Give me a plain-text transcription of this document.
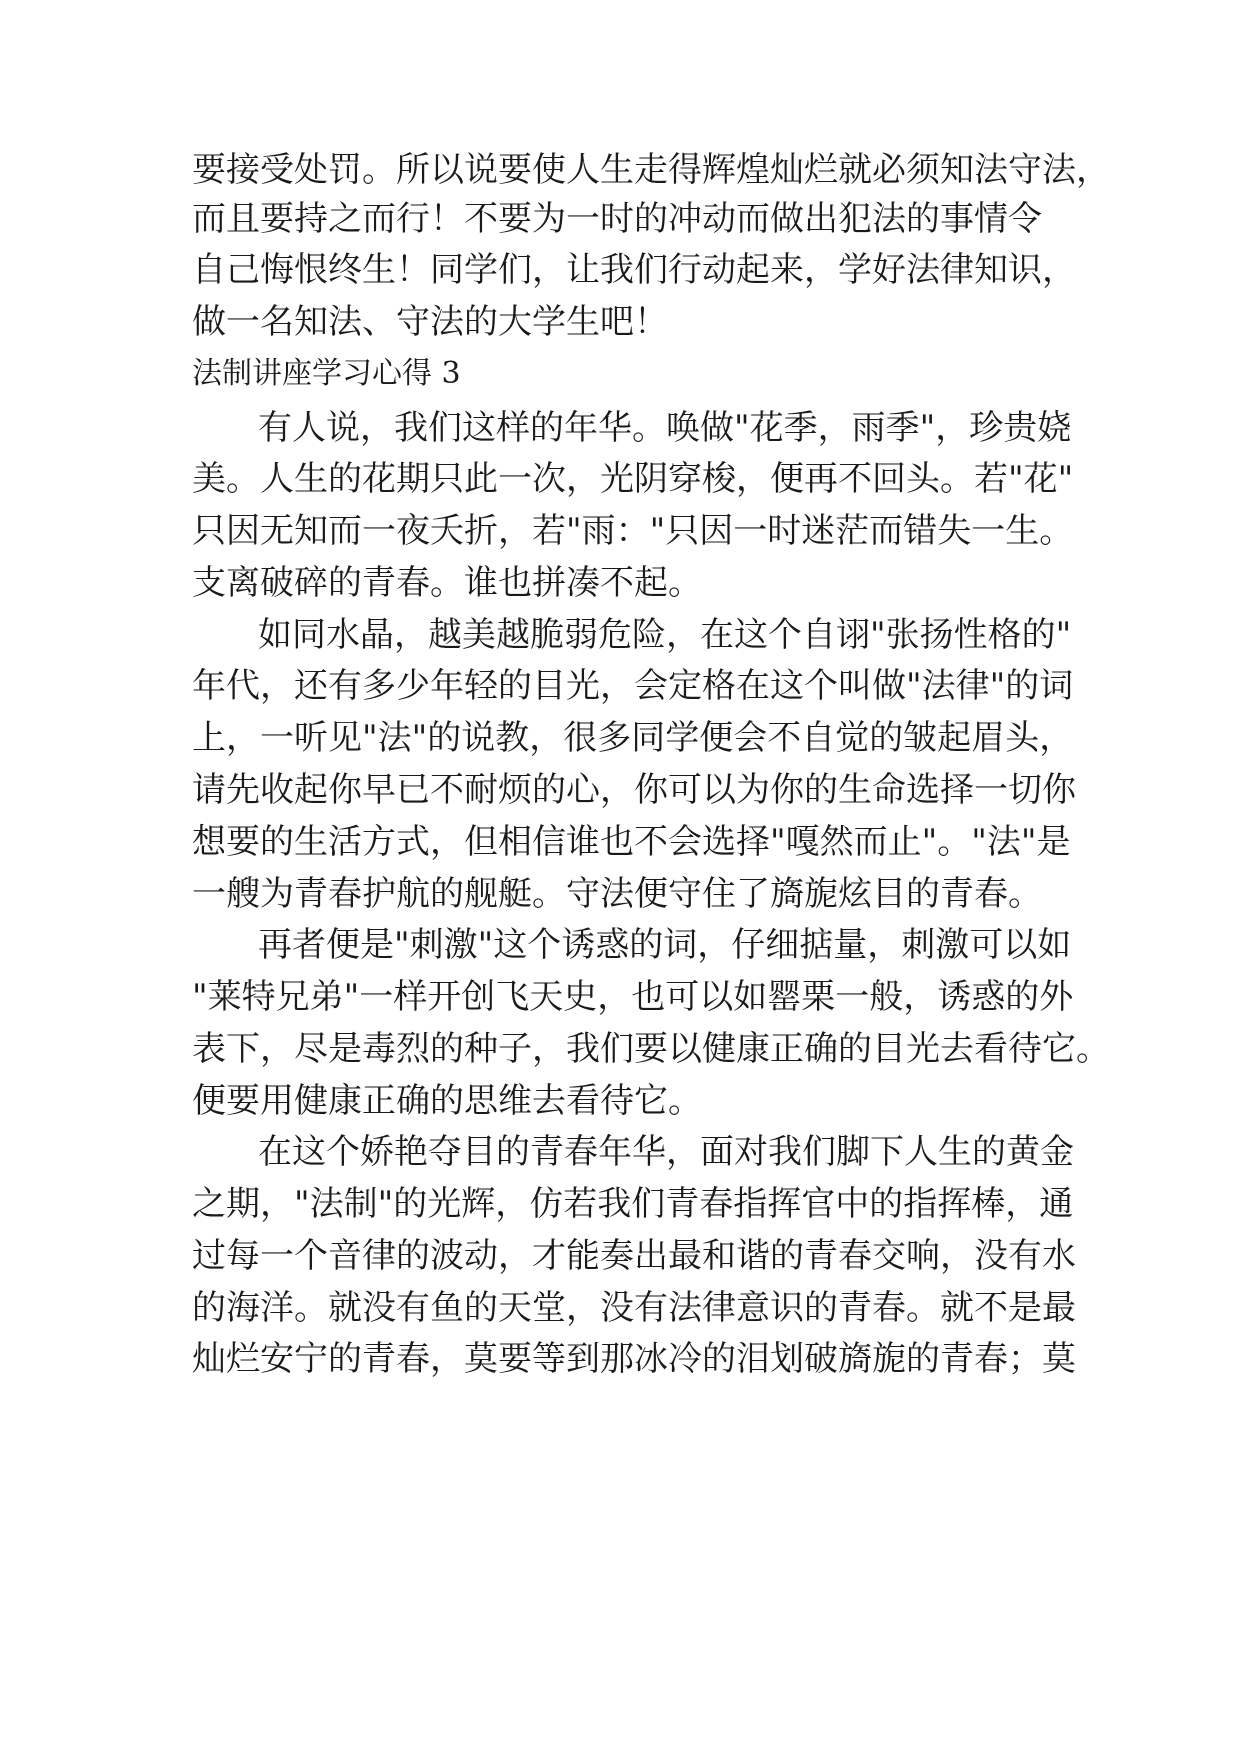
要接受处罚。所以说要使人生走得辉煌灿烂就必须知法守法，
而且要持之而行！不要为一时的冲动而做出犯法的事情令
自己悔恨终生！同学们，让我们行动起来，学好法律知识，
做一名知法、守法的大学生吧！
法制讲座学习心得 3
有人说，我们这样的年华。唤做"花季，雨季"，珍贵娆
美。人生的花期只此一次，光阴穿梭，便再不回头。若"花"
只因无知而一夜夭折，若"雨："只因一时迷茫而错失一生。
支离破碎的青春。谁也拼凑不起。
如同水晶，越美越脆弱危险，在这个自诩"张扬性格的"
年代，还有多少年轻的目光，会定格在这个叫做"法律"的词
上，一听见"法"的说教，很多同学便会不自觉的皱起眉头，
请先收起你早已不耐烦的心，你可以为你的生命选择一切你
想要的生活方式，但相信谁也不会选择"嘎然而止"。"法"是
一艘为青春护航的舰艇。守法便守住了旖旎炫目的青春。
再者便是"刺激"这个诱惑的词，仔细掂量，刺激可以如
"莱特兄弟"一样开创飞天史，也可以如罂栗一般，诱惑的外
表下，尽是毒烈的种子，我们要以健康正确的目光去看待它。
便要用健康正确的思维去看待它。
在这个娇艳夺目的青春年华，面对我们脚下人生的黄金
之期，"法制"的光辉，仿若我们青春指挥官中的指挥棒，通
过每一个音律的波动，才能奏出最和谐的青春交响，没有水
的海洋。就没有鱼的天堂，没有法律意识的青春。就不是最
灿烂安宁的青春，莫要等到那冰冷的泪划破旖旎的青春；莫
